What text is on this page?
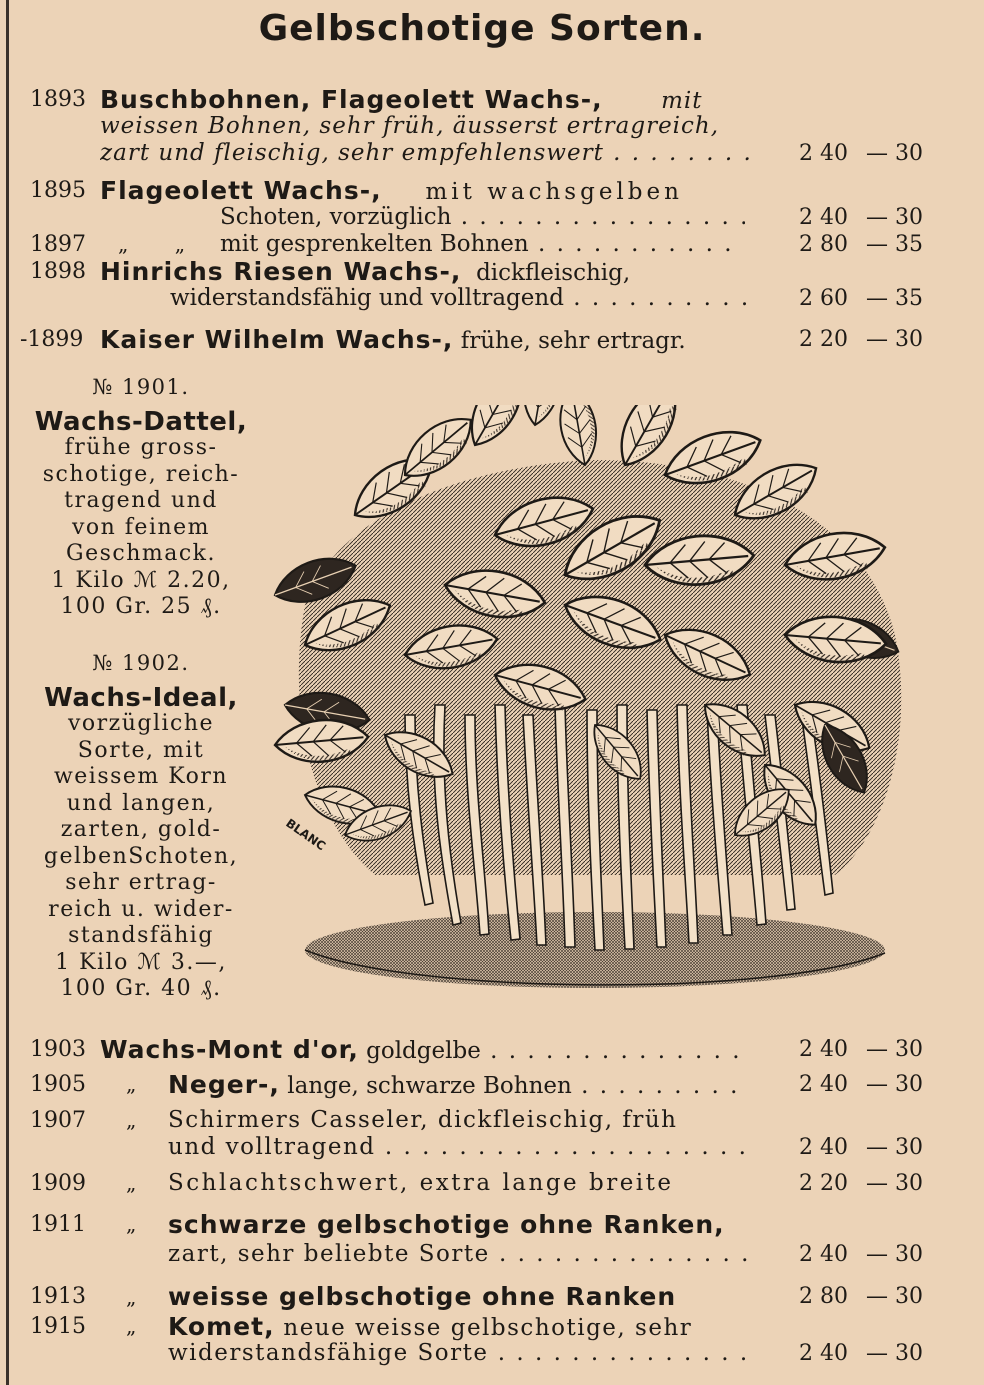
Gelbschotige Sorten.
1893 Buschbohnen, Flageolett Wachs-,	mit
weissen Bohnen, sehr früh, äusserst ertragreich,
zart und fleischig, sehr empfehlenswert . . .	2 40 — 30
1895 Flageolett Wachs-, mit wachsgelben
Schoten, vorzüglich . . .	2 40 — 30
1897	„ „ mit gesprenkelten Bohnen . . .	2 80 — 35
1898 Hinrichs Riesen Wachs-, dickfleischig,
widerstandsfähig und volltragend . . .	2 60 — 35
-1899 Kaiser Wilhelm Wachs-, frühe, sehr ertragr.	2 20 — 30
№ 1901.
Wachs-Dattel,
frühe gross-
schotige, reich-
tragend und
von feinem
Geschmack.
1 Kilo ℳ 2.20,
100 Gr. 25 ₰.
№ 1902.
Wachs-Ideal,
vorzügliche
Sorte, mit
weissem Korn
und langen,
zarten, gold-
gelbenSchoten,
sehr ertrag-
reich u. wider-
standsfähig
1 Kilo ℳ 3.—,
100 Gr. 40 ₰.
BLANC
1903 Wachs-Mont d'or, goldgelbe . . .	2 40 — 30
1905	„ Neger-, lange, schwarze Bohnen . . .	2 40 — 30
1907	„ Schirmers Casseler, dickfleischig, früh
und volltragend . . .	2 40 — 30
1909	„ Schlachtschwert, extra lange breite	2 20 — 30
1911	„ schwarze gelbschotige ohne Ranken,
zart, sehr beliebte Sorte . . .	2 40 — 30
1913	„ weisse gelbschotige ohne Ranken	2 80 — 30
1915	„ Komet, neue weisse gelbschotige, sehr
widerstandsfähige Sorte . . .	2 40 — 30
